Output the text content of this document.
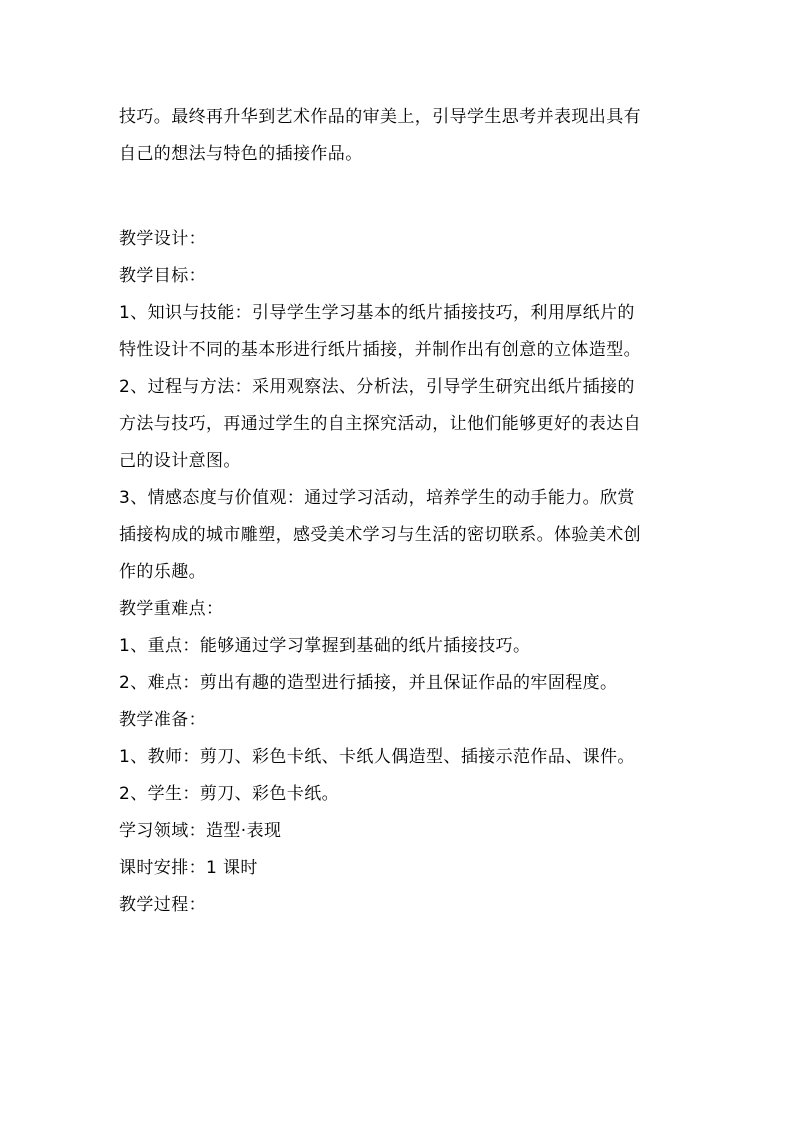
技巧。最终再升华到艺术作品的审美上，引导学生思考并表现出具有
自己的想法与特色的插接作品。
教学设计：
教学目标：
1、知识与技能：引导学生学习基本的纸片插接技巧，利用厚纸片的
特性设计不同的基本形进行纸片插接，并制作出有创意的立体造型。
2、过程与方法：采用观察法、分析法，引导学生研究出纸片插接的
方法与技巧，再通过学生的自主探究活动，让他们能够更好的表达自
己的设计意图。
3、情感态度与价值观：通过学习活动，培养学生的动手能力。欣赏
插接构成的城市雕塑，感受美术学习与生活的密切联系。体验美术创
作的乐趣。
教学重难点：
1、重点：能够通过学习掌握到基础的纸片插接技巧。
2、难点：剪出有趣的造型进行插接，并且保证作品的牢固程度。
教学准备：
1、教师：剪刀、彩色卡纸、卡纸人偶造型、插接示范作品、课件。
2、学生：剪刀、彩色卡纸。
学习领域：造型·表现
课时安排：1 课时
教学过程：
